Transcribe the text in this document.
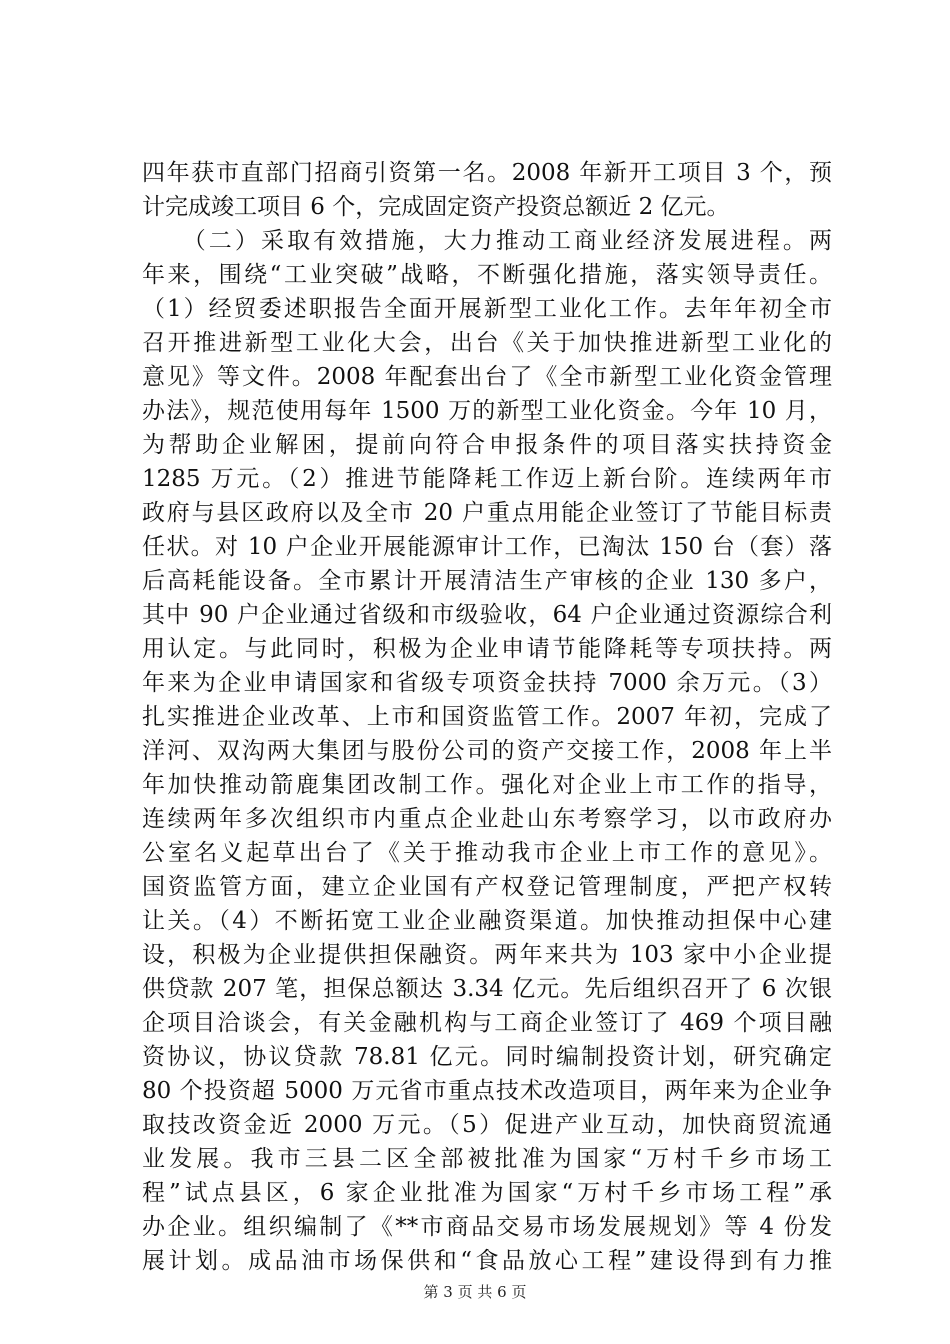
四年获市直部门招商引资第一名。2008 年新开工项目 3 个，预
计完成竣工项目 6 个，完成固定资产投资总额近 2 亿元。
　　（二）采取有效措施，大力推动工商业经济发展进程。两
年来，围绕“工业突破”战略，不断强化措施，落实领导责任。
（1）经贸委述职报告全面开展新型工业化工作。去年年初全市
召开推进新型工业化大会，出台《关于加快推进新型工业化的
意见》等文件。2008 年配套出台了《全市新型工业化资金管理
办法》，规范使用每年 1500 万的新型工业化资金。今年 10 月，
为帮助企业解困，提前向符合申报条件的项目落实扶持资金
1285 万元。（2）推进节能降耗工作迈上新台阶。连续两年市
政府与县区政府以及全市 20 户重点用能企业签订了节能目标责
任状。对 10 户企业开展能源审计工作，已淘汰 150 台（套）落
后高耗能设备。全市累计开展清洁生产审核的企业 130 多户，
其中 90 户企业通过省级和市级验收，64 户企业通过资源综合利
用认定。与此同时，积极为企业申请节能降耗等专项扶持。两
年来为企业申请国家和省级专项资金扶持 7000 余万元。（3）
扎实推进企业改革、上市和国资监管工作。2007 年初，完成了
洋河、双沟两大集团与股份公司的资产交接工作，2008 年上半
年加快推动箭鹿集团改制工作。强化对企业上市工作的指导，
连续两年多次组织市内重点企业赴山东考察学习，以市政府办
公室名义起草出台了《关于推动我市企业上市工作的意见》。
国资监管方面，建立企业国有产权登记管理制度，严把产权转
让关。（4）不断拓宽工业企业融资渠道。加快推动担保中心建
设，积极为企业提供担保融资。两年来共为 103 家中小企业提
供贷款 207 笔，担保总额达 3.34 亿元。先后组织召开了 6 次银
企项目洽谈会，有关金融机构与工商企业签订了 469 个项目融
资协议，协议贷款 78.81 亿元。同时编制投资计划，研究确定
80 个投资超 5000 万元省市重点技术改造项目，两年来为企业争
取技改资金近 2000 万元。（5）促进产业互动，加快商贸流通
业发展。我市三县二区全部被批准为国家“万村千乡市场工
程”试点县区，6 家企业批准为国家“万村千乡市场工程”承
办企业。组织编制了《**市商品交易市场发展规划》等 4 份发
展计划。成品油市场保供和“食品放心工程”建设得到有力推
第 3 页 共 6 页
